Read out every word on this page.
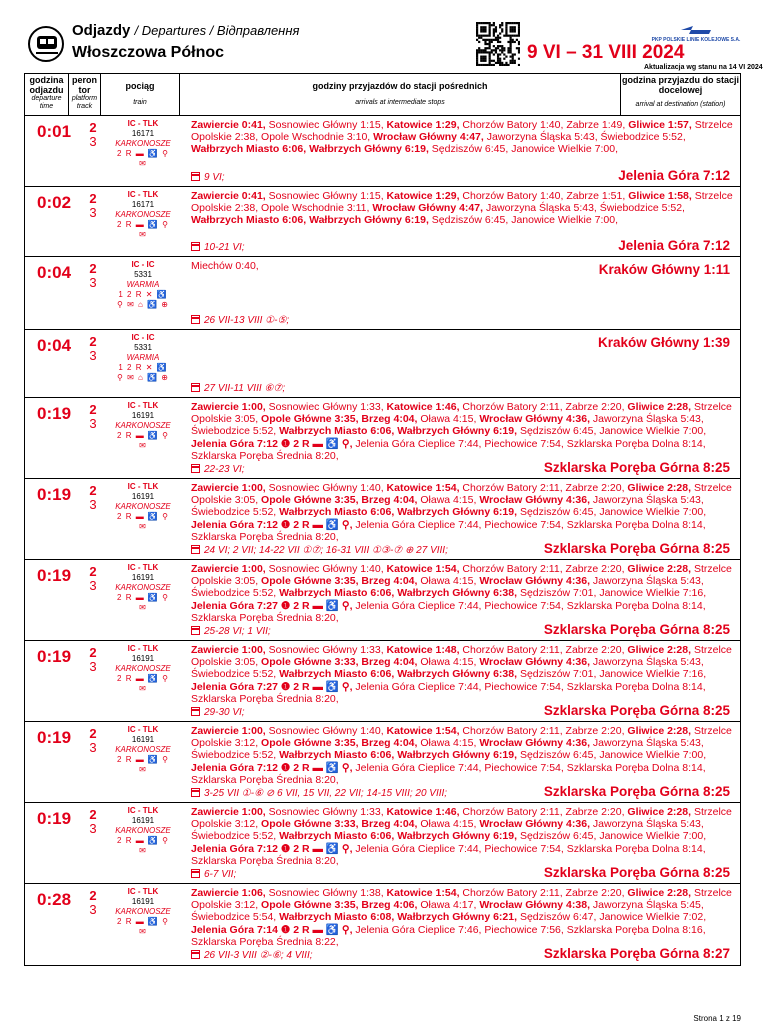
Odjazdy / Departures / Відправлення
Włoszczowa Północ
PKP POLSKIE LINIE KOLEJOWE S.A.
9 VI – 31 VIII 2024
Aktualizacja wg stanu na 14 VI 2024
godzina odjazdu
departure time
peron tor
platform track
pociąg
train
godziny przyjazdów do stacji pośrednich
arrivals at intermediate stops
godzina przyjazdu do stacji docelowej
arrival at destination (station)
0:01 2
3
IC - TLK
16171
KARKONOSZE
2 R ▬ ♿ ⚲
✉
Zawiercie 0:41, Sosnowiec Główny 1:15, Katowice 1:29, Chorzów Batory 1:40, Zabrze 1:49, Gliwice 1:57, Strzelce Opolskie 2:38, Opole Wschodnie 3:10, Wrocław Główny 4:47, Jaworzyna Śląska 5:43, Świebodzice 5:52, Wałbrzych Miasto 6:06, Wałbrzych Główny 6:19, Sędziszów 6:45, Janowice Wielkie 7:00,
Jelenia Góra 7:12
9 VI;
0:02 2
3
IC - TLK
16171
KARKONOSZE
2 R ▬ ♿ ⚲
✉
Zawiercie 0:41, Sosnowiec Główny 1:15, Katowice 1:29, Chorzów Batory 1:40, Zabrze 1:51, Gliwice 1:58, Strzelce Opolskie 2:38, Opole Wschodnie 3:11, Wrocław Główny 4:47, Jaworzyna Śląska 5:43, Świebodzice 5:52, Wałbrzych Miasto 6:06, Wałbrzych Główny 6:19, Sędziszów 6:45, Janowice Wielkie 7:00,
Jelenia Góra 7:12
10-21 VI;
0:04 2
3
IC - IC
5331
WARMIA
1 2 R ✕ ♿
⚲ ✉ ⌂ ♿ ⊕
Miechów 0:40,	Kraków Główny 1:11
26 VII-13 VIII ①-⑤;
0:04 2
3
IC - IC
5331
WARMIA
1 2 R ✕ ♿
⚲ ✉ ⌂ ♿ ⊕
Kraków Główny 1:39
27 VII-11 VIII ⑥⑦;
0:19 2
3
IC - TLK
16191
KARKONOSZE
2 R ▬ ♿ ⚲
✉
Zawiercie 1:00, Sosnowiec Główny 1:33, Katowice 1:46, Chorzów Batory 2:11, Zabrze 2:20, Gliwice 2:28, Strzelce Opolskie 3:05, Opole Główne 3:35, Brzeg 4:04, Oława 4:15, Wrocław Główny 4:36, Jaworzyna Śląska 5:43, Świebodzice 5:52, Wałbrzych Miasto 6:06, Wałbrzych Główny 6:19, Sędziszów 6:45, Janowice Wielkie 7:00, Jelenia Góra 7:12 ❶ 2 R ▬ ♿ ⚲, Jelenia Góra Cieplice 7:44, Piechowice 7:54, Szklarska Poręba Dolna 8:14, Szklarska Poręba Średnia 8:20,
Szklarska Poręba Górna 8:25
22-23 VI;
0:19 2
3
IC - TLK
16191
KARKONOSZE
2 R ▬ ♿ ⚲
✉
Zawiercie 1:00, Sosnowiec Główny 1:40, Katowice 1:54, Chorzów Batory 2:11, Zabrze 2:20, Gliwice 2:28, Strzelce Opolskie 3:05, Opole Główne 3:35, Brzeg 4:04, Oława 4:15, Wrocław Główny 4:36, Jaworzyna Śląska 5:43, Świebodzice 5:52, Wałbrzych Miasto 6:06, Wałbrzych Główny 6:19, Sędziszów 6:45, Janowice Wielkie 7:00, Jelenia Góra 7:12 ❶ 2 R ▬ ♿ ⚲, Jelenia Góra Cieplice 7:44, Piechowice 7:54, Szklarska Poręba Dolna 8:14, Szklarska Poręba Średnia 8:20,
Szklarska Poręba Górna 8:25
24 VI; 2 VII; 14-22 VII ①⑦; 16-31 VIII ①③-⑦ ⊕ 27 VIII;
0:19 2
3
IC - TLK
16191
KARKONOSZE
2 R ▬ ♿ ⚲
✉
Zawiercie 1:00, Sosnowiec Główny 1:40, Katowice 1:54, Chorzów Batory 2:11, Zabrze 2:20, Gliwice 2:28, Strzelce Opolskie 3:05, Opole Główne 3:35, Brzeg 4:04, Oława 4:15, Wrocław Główny 4:36, Jaworzyna Śląska 5:43, Świebodzice 5:52, Wałbrzych Miasto 6:06, Wałbrzych Główny 6:38, Sędziszów 7:01, Janowice Wielkie 7:16, Jelenia Góra 7:27 ❶ 2 R ▬ ♿ ⚲, Jelenia Góra Cieplice 7:44, Piechowice 7:54, Szklarska Poręba Dolna 8:14, Szklarska Poręba Średnia 8:20,
Szklarska Poręba Górna 8:25
25-28 VI; 1 VII;
0:19 2
3
IC - TLK
16191
KARKONOSZE
2 R ▬ ♿ ⚲
✉
Zawiercie 1:00, Sosnowiec Główny 1:33, Katowice 1:48, Chorzów Batory 2:11, Zabrze 2:20, Gliwice 2:28, Strzelce Opolskie 3:05, Opole Główne 3:33, Brzeg 4:04, Oława 4:15, Wrocław Główny 4:36, Jaworzyna Śląska 5:43, Świebodzice 5:52, Wałbrzych Miasto 6:06, Wałbrzych Główny 6:38, Sędziszów 7:01, Janowice Wielkie 7:16, Jelenia Góra 7:27 ❶ 2 R ▬ ♿ ⚲, Jelenia Góra Cieplice 7:44, Piechowice 7:54, Szklarska Poręba Dolna 8:14, Szklarska Poręba Średnia 8:20,
Szklarska Poręba Górna 8:25
29-30 VI;
0:19 2
3
IC - TLK
16191
KARKONOSZE
2 R ▬ ♿ ⚲
✉
Zawiercie 1:00, Sosnowiec Główny 1:40, Katowice 1:54, Chorzów Batory 2:11, Zabrze 2:20, Gliwice 2:28, Strzelce Opolskie 3:12, Opole Główne 3:35, Brzeg 4:04, Oława 4:15, Wrocław Główny 4:36, Jaworzyna Śląska 5:43, Świebodzice 5:52, Wałbrzych Miasto 6:06, Wałbrzych Główny 6:19, Sędziszów 6:45, Janowice Wielkie 7:00, Jelenia Góra 7:12 ❶ 2 R ▬ ♿ ⚲, Jelenia Góra Cieplice 7:44, Piechowice 7:54, Szklarska Poręba Dolna 8:14, Szklarska Poręba Średnia 8:20,
Szklarska Poręba Górna 8:25
3-25 VII ①-⑥ ⊘ 6 VII, 15 VII, 22 VII; 14-15 VIII; 20 VIII;
0:19 2
3
IC - TLK
16191
KARKONOSZE
2 R ▬ ♿ ⚲
✉
Zawiercie 1:00, Sosnowiec Główny 1:33, Katowice 1:46, Chorzów Batory 2:11, Zabrze 2:20, Gliwice 2:28, Strzelce Opolskie 3:12, Opole Główne 3:33, Brzeg 4:04, Oława 4:15, Wrocław Główny 4:36, Jaworzyna Śląska 5:43, Świebodzice 5:52, Wałbrzych Miasto 6:06, Wałbrzych Główny 6:19, Sędziszów 6:45, Janowice Wielkie 7:00, Jelenia Góra 7:12 ❶ 2 R ▬ ♿ ⚲, Jelenia Góra Cieplice 7:44, Piechowice 7:54, Szklarska Poręba Dolna 8:14, Szklarska Poręba Średnia 8:20,
Szklarska Poręba Górna 8:25
6-7 VII;
0:28 2
3
IC - TLK
16191
KARKONOSZE
2 R ▬ ♿ ⚲
✉
Zawiercie 1:06, Sosnowiec Główny 1:38, Katowice 1:54, Chorzów Batory 2:11, Zabrze 2:20, Gliwice 2:28, Strzelce Opolskie 3:12, Opole Główne 3:35, Brzeg 4:06, Oława 4:17, Wrocław Główny 4:38, Jaworzyna Śląska 5:45, Świebodzice 5:54, Wałbrzych Miasto 6:08, Wałbrzych Główny 6:21, Sędziszów 6:47, Janowice Wielkie 7:02, Jelenia Góra 7:14 ❶ 2 R ▬ ♿ ⚲, Jelenia Góra Cieplice 7:46, Piechowice 7:56, Szklarska Poręba Dolna 8:16, Szklarska Poręba Średnia 8:22,
Szklarska Poręba Górna 8:27
26 VII-3 VIII ②-⑥; 4 VIII;
Strona 1 z 19
